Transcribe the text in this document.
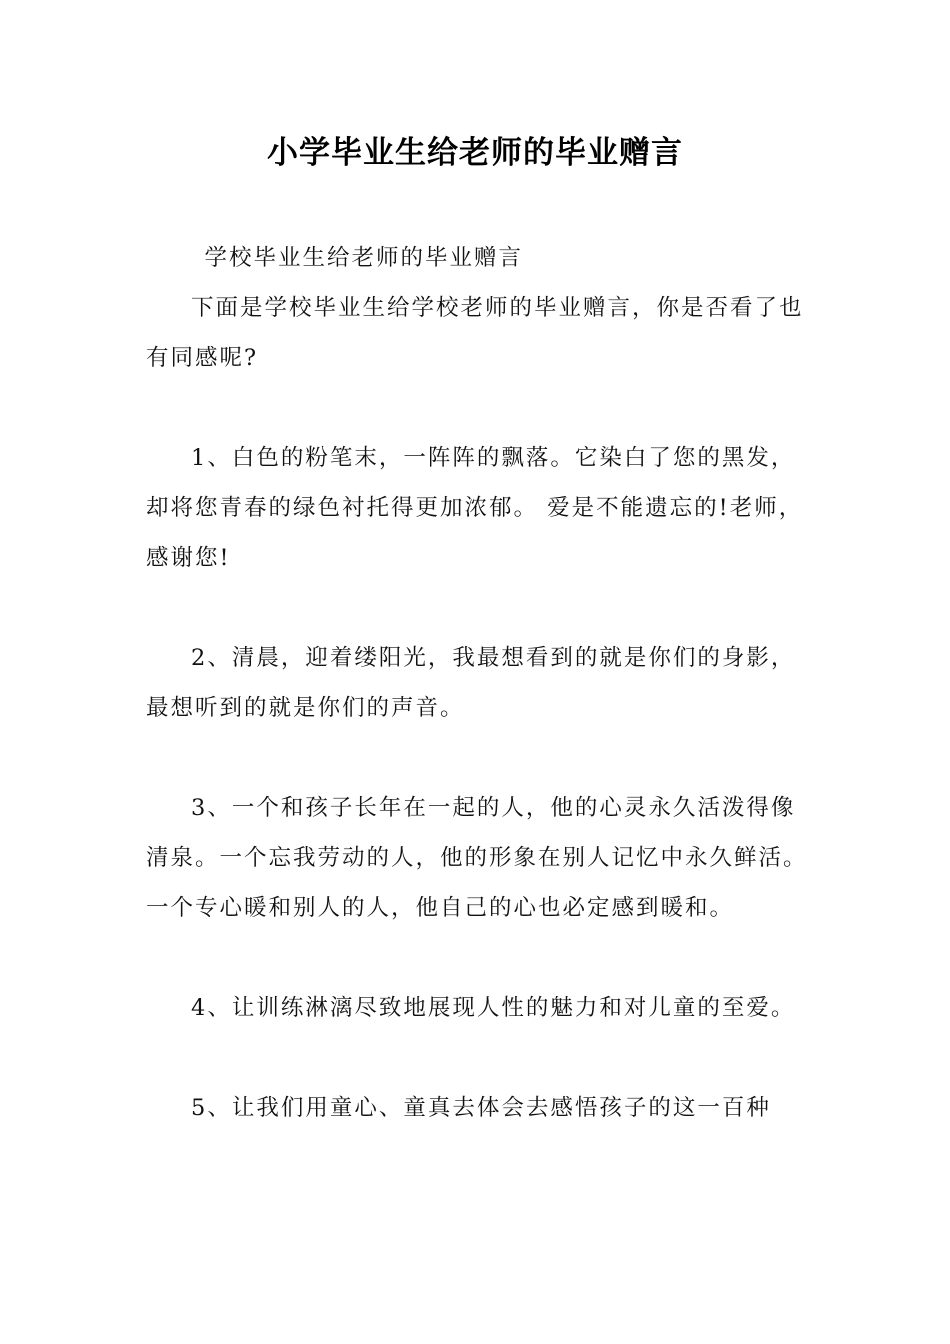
小学毕业生给老师的毕业赠言

学校毕业生给老师的毕业赠言

下面是学校毕业生给学校老师的毕业赠言，你是否看了也有同感呢?

1、白色的粉笔末，一阵阵的飘落。它染白了您的黑发，却将您青春的绿色衬托得更加浓郁。 爱是不能遗忘的!老师，感谢您!

2、清晨，迎着缕阳光，我最想看到的就是你们的身影，最想听到的就是你们的声音。

3、一个和孩子长年在一起的人，他的心灵永久活泼得像清泉。一个忘我劳动的人，他的形象在别人记忆中永久鲜活。一个专心暖和别人的人，他自己的心也必定感到暖和。

4、让训练淋漓尽致地展现人性的魅力和对儿童的至爱。

5、让我们用童心、童真去体会去感悟孩子的这一百种
